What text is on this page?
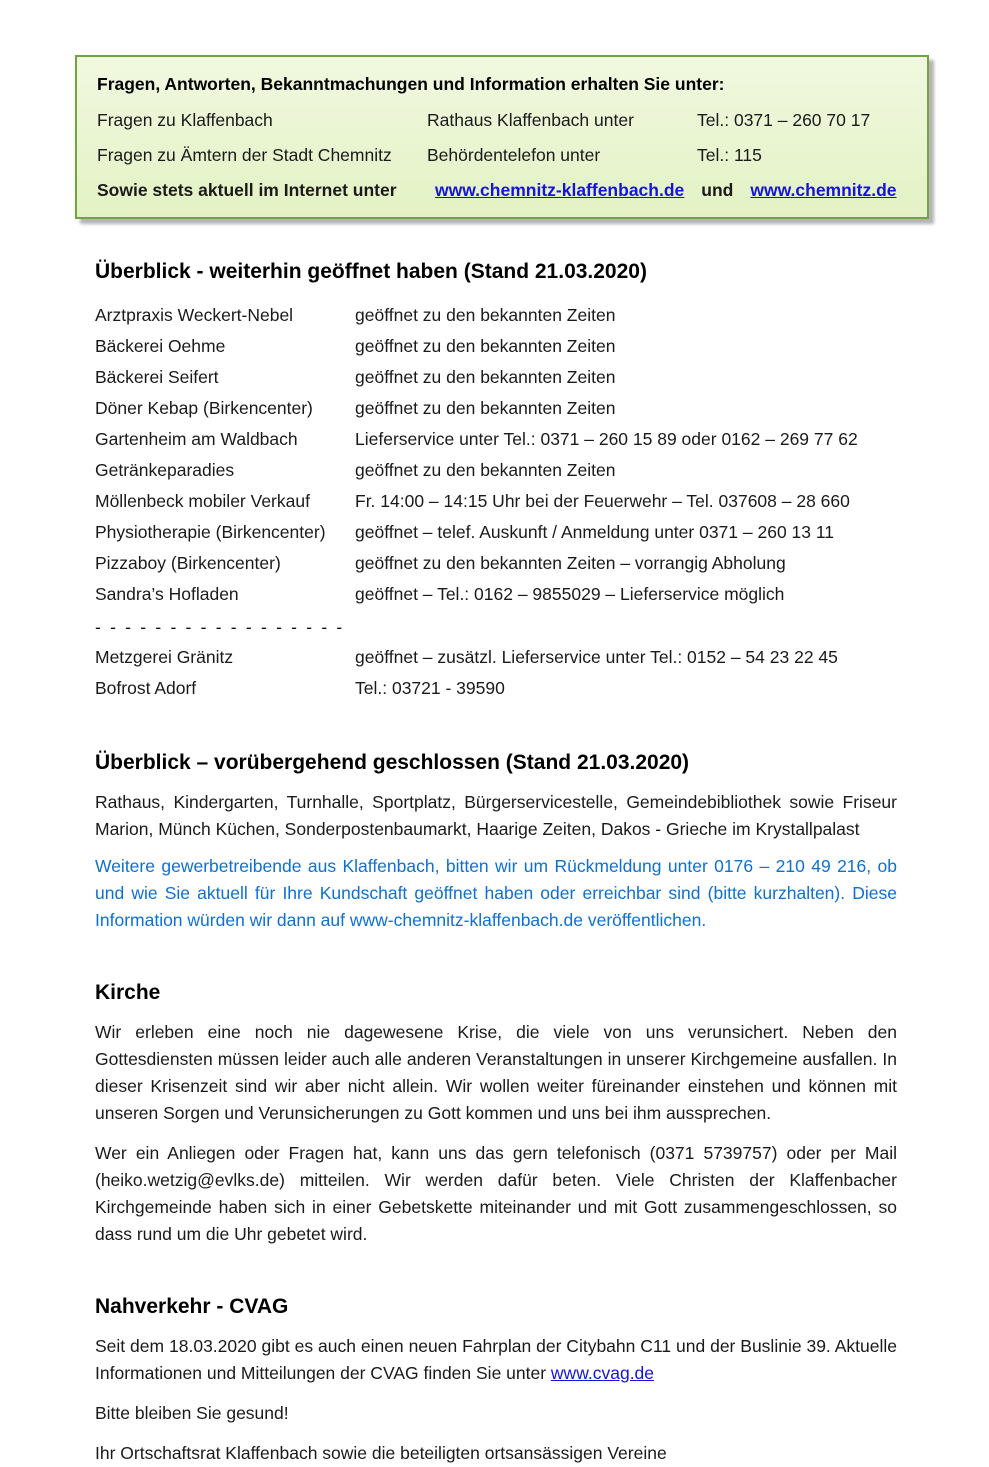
Fragen, Antworten, Bekanntmachungen und Information erhalten Sie unter:
Fragen zu Klaffenbach	Rathaus Klaffenbach unter	Tel.: 0371 – 260 70 17
Fragen zu Ämtern der Stadt Chemnitz	Behördentelefon unter	Tel.: 115
Sowie stets aktuell im Internet unter	www.chemnitz-klaffenbach.de und www.chemnitz.de
Überblick - weiterhin geöffnet haben (Stand 21.03.2020)
Arztpraxis Weckert-Nebel	geöffnet zu den bekannten Zeiten
Bäckerei Oehme	geöffnet zu den bekannten Zeiten
Bäckerei Seifert	geöffnet zu den bekannten Zeiten
Döner Kebap (Birkencenter)	geöffnet zu den bekannten Zeiten
Gartenheim am Waldbach	Lieferservice unter Tel.: 0371 – 260 15 89 oder 0162 – 269 77 62
Getränkeparadies	geöffnet zu den bekannten Zeiten
Möllenbeck mobiler Verkauf	Fr. 14:00 – 14:15 Uhr bei der Feuerwehr – Tel. 037608 – 28 660
Physiotherapie (Birkencenter)	geöffnet – telef. Auskunft / Anmeldung unter 0371 – 260 13 11
Pizzaboy (Birkencenter)	geöffnet zu den bekannten Zeiten – vorrangig Abholung
Sandra’s Hofladen	geöffnet – Tel.: 0162 – 9855029 – Lieferservice möglich
- - - - - - - - - - - - - - - - -
Metzgerei Gränitz	geöffnet – zusätzl. Lieferservice unter Tel.: 0152 – 54 23 22 45
Bofrost Adorf	Tel.: 03721 - 39590
Überblick – vorübergehend geschlossen (Stand 21.03.2020)

Rathaus, Kindergarten, Turnhalle, Sportplatz, Bürgerservicestelle, Gemeindebibliothek sowie Friseur Marion, Münch Küchen, Sonderpostenbaumarkt, Haarige Zeiten, Dakos - Grieche im Krystallpalast

Weitere gewerbetreibende aus Klaffenbach, bitten wir um Rückmeldung unter 0176 – 210 49 216, ob und wie Sie aktuell für Ihre Kundschaft geöffnet haben oder erreichbar sind (bitte kurzhalten). Diese Information würden wir dann auf www-chemnitz-klaffenbach.de veröffentlichen.

Kirche

Wir erleben eine noch nie dagewesene Krise, die viele von uns verunsichert. Neben den Gottesdiensten müssen leider auch alle anderen Veranstaltungen in unserer Kirchgemeine ausfallen. In dieser Krisenzeit sind wir aber nicht allein. Wir wollen weiter füreinander einstehen und können mit unseren Sorgen und Verunsicherungen zu Gott kommen und uns bei ihm aussprechen.

Wer ein Anliegen oder Fragen hat, kann uns das gern telefonisch (0371 5739757) oder per Mail (heiko.wetzig@evlks.de) mitteilen. Wir werden dafür beten. Viele Christen der Klaffenbacher Kirchgemeinde haben sich in einer Gebetskette miteinander und mit Gott zusammengeschlossen, so dass rund um die Uhr gebetet wird.

Nahverkehr - CVAG

Seit dem 18.03.2020 gibt es auch einen neuen Fahrplan der Citybahn C11 und der Buslinie 39. Aktuelle Informationen und Mitteilungen der CVAG finden Sie unter www.cvag.de

Bitte bleiben Sie gesund!

Ihr Ortschaftsrat Klaffenbach sowie die beteiligten ortsansässigen Vereine
